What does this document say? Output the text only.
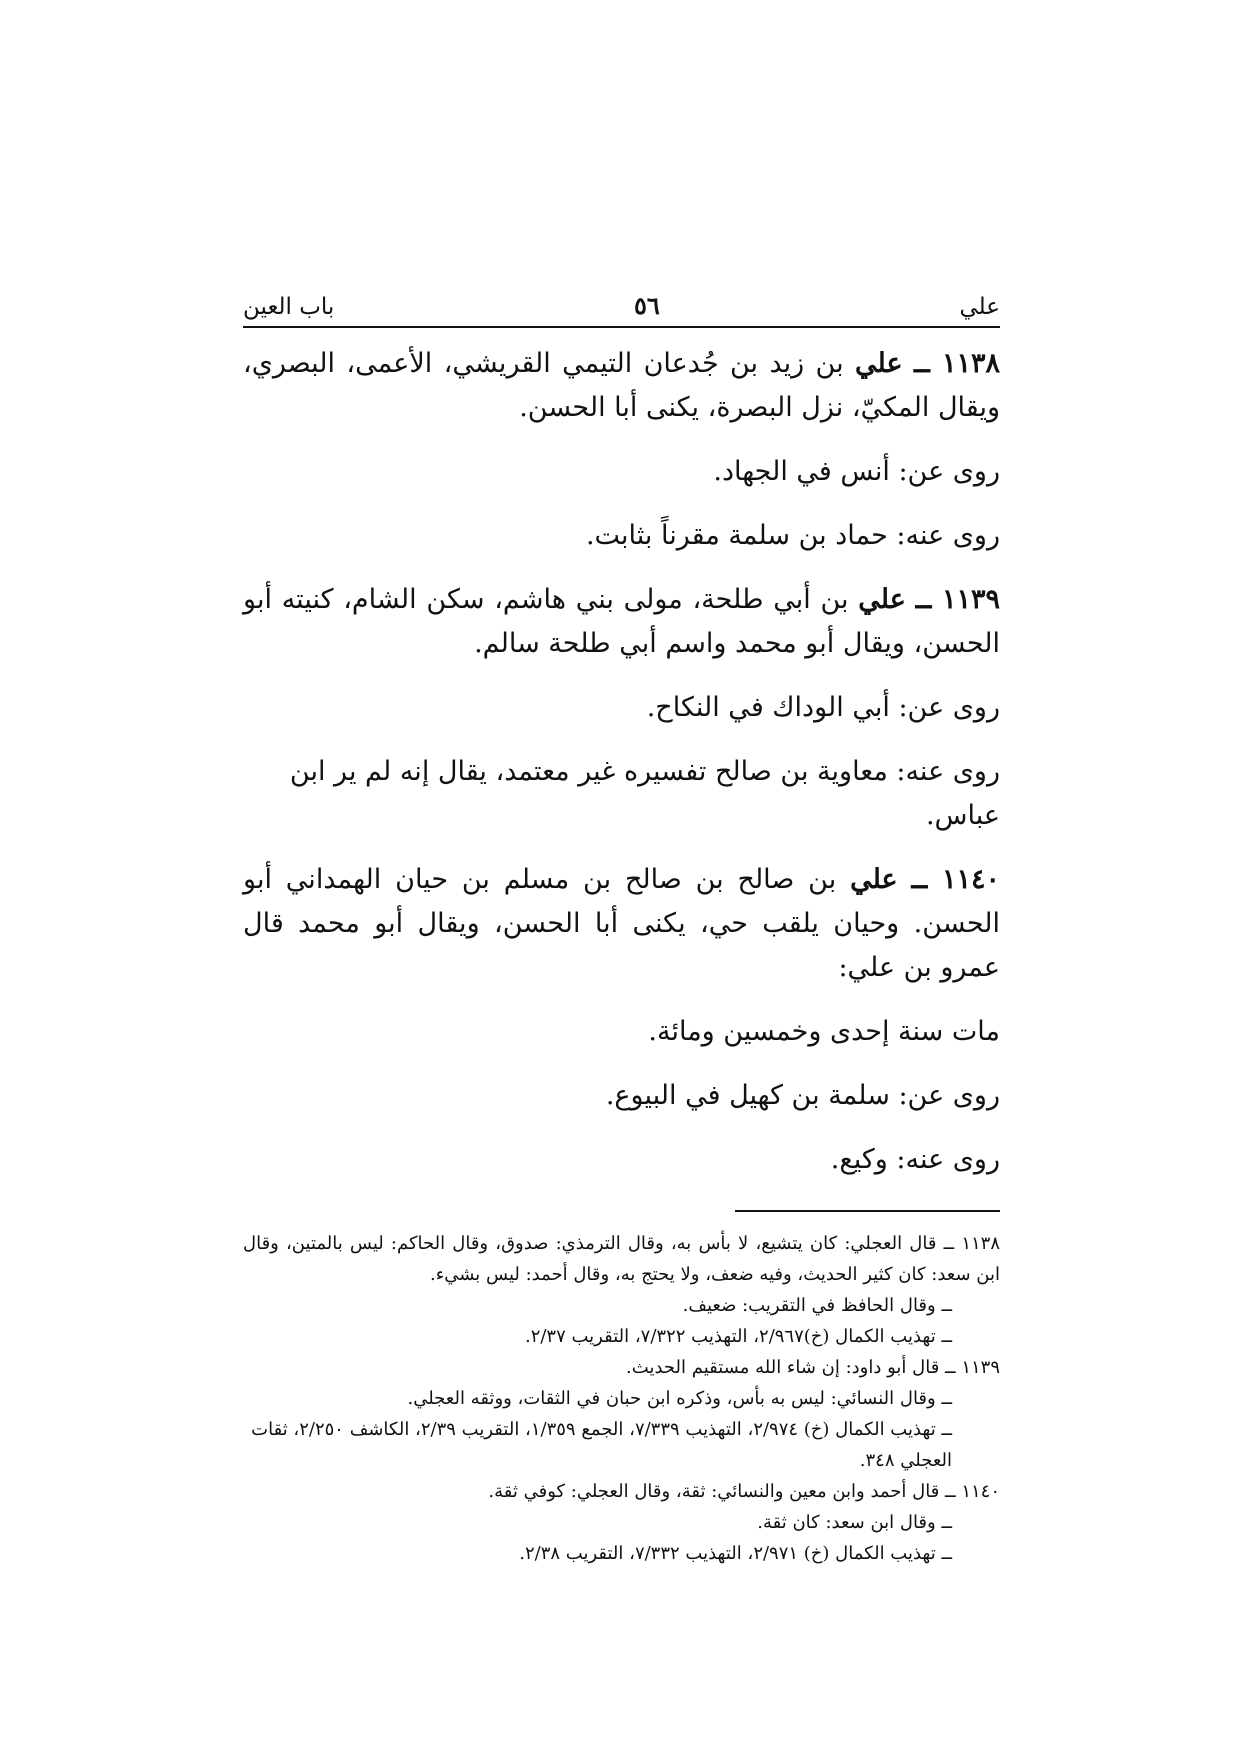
علي
٥٦
باب العين

١١٣٨ ــ علي بن زيد بن جُدعان التيمي القريشي، الأعمى، البصري، ويقال المكيّ، نزل البصرة، يكنى أبا الحسن.

روى عن: أنس في الجهاد.

روى عنه: حماد بن سلمة مقرناً بثابت.

١١٣٩ ــ علي بن أبي طلحة، مولى بني هاشم، سكن الشام، كنيته أبو الحسن، ويقال أبو محمد واسم أبي طلحة سالم.

روى عن: أبي الوداك في النكاح.

روى عنه: معاوية بن صالح تفسيره غير معتمد، يقال إنه لم ير ابن عباس.

١١٤٠ ــ علي بن صالح بن صالح بن مسلم بن حيان الهمداني أبو الحسن. وحيان يلقب حي، يكنى أبا الحسن، ويقال أبو محمد قال عمرو بن علي:

مات سنة إحدى وخمسين ومائة.

روى عن: سلمة بن كهيل في البيوع.

روى عنه: وكيع.

١١٣٨ ــ قال العجلي: كان يتشيع، لا بأس به، وقال الترمذي: صدوق، وقال الحاكم: ليس بالمتين، وقال ابن سعد: كان كثير الحديث، وفيه ضعف، ولا يحتج به، وقال أحمد: ليس بشيء.
ــ وقال الحافظ في التقريب: ضعيف.
ــ تهذيب الكمال (خ)٢/٩٦٧، التهذيب ٧/٣٢٢، التقريب ٢/٣٧.
١١٣٩ ــ قال أبو داود: إن شاء الله مستقيم الحديث.
ــ وقال النسائي: ليس به بأس، وذكره ابن حبان في الثقات، ووثقه العجلي.
ــ تهذيب الكمال (خ) ٢/٩٧٤، التهذيب ٧/٣٣٩، الجمع ١/٣٥٩، التقريب ٢/٣٩، الكاشف ٢/٢٥٠، ثقات العجلي ٣٤٨.
١١٤٠ ــ قال أحمد وابن معين والنسائي: ثقة، وقال العجلي: كوفي ثقة.
ــ وقال ابن سعد: كان ثقة.
ــ تهذيب الكمال (خ) ٢/٩٧١، التهذيب ٧/٣٣٢، التقريب ٢/٣٨.
